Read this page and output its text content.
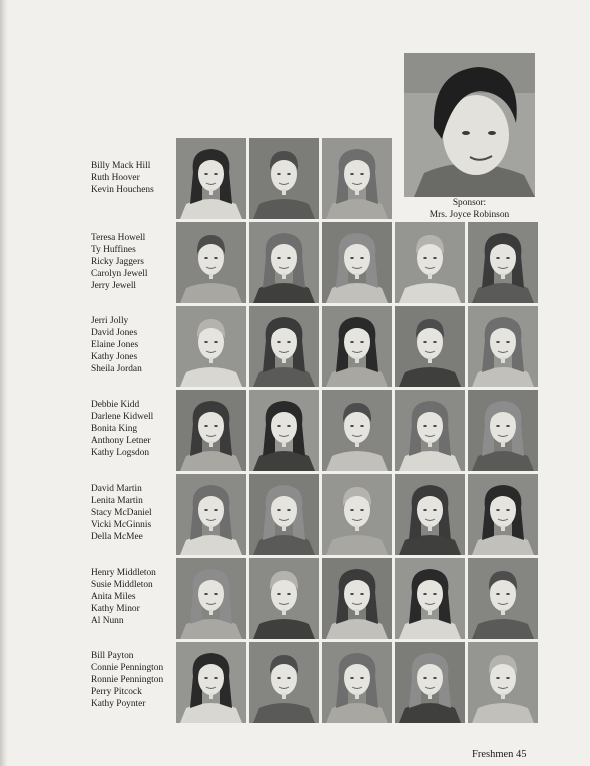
Sponsor:
Mrs. Joyce Robinson
Billy Mack Hill
Ruth Hoover
Kevin Houchens
Teresa Howell
Ty Huffines
Ricky Jaggers
Carolyn Jewell
Jerry Jewell
Jerri Jolly
David Jones
Elaine Jones
Kathy Jones
Sheila Jordan
Debbie Kidd
Darlene Kidwell
Bonita King
Anthony Letner
Kathy Logsdon
David Martin
Lenita Martin
Stacy McDaniel
Vicki McGinnis
Della McMee
Henry Middleton
Susie Middleton
Anita Miles
Kathy Minor
Al Nunn
Bill Payton
Connie Pennington
Ronnie Pennington
Perry Pitcock
Kathy Poynter
Freshmen 45
